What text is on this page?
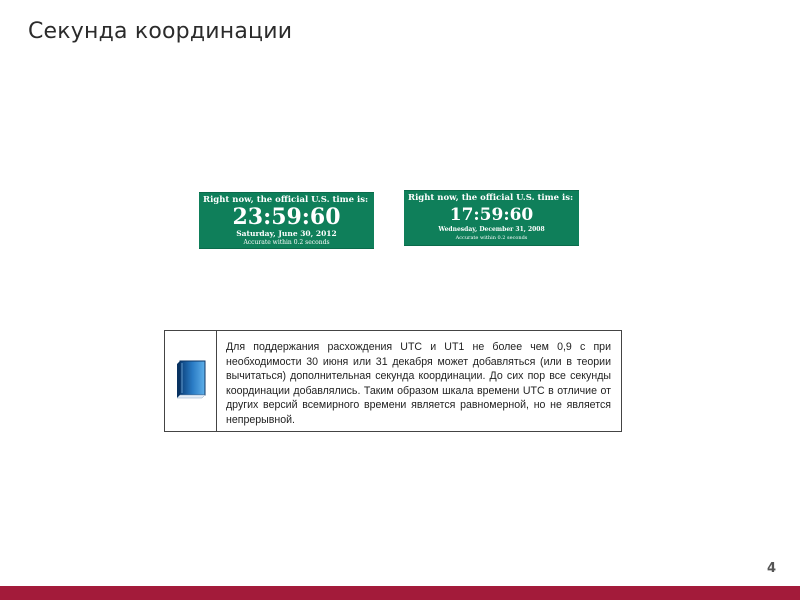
Секунда координации
Right now, the official U.S. time is:
23:59:60
Saturday, June 30, 2012
Accurate within 0.2 seconds
Right now, the official U.S. time is:
17:59:60
Wednesday, December 31, 2008
Accurate within 0.2 seconds
Для поддержания расхождения UTC и UT1 не более чем 0,9 с при необходимости 30 июня или 31 декабря может добавляться (или в теории вычитаться) дополнительная секунда координации. До сих пор все секунды координации добавлялись. Таким образом шкала времени UTC в отличие от других версий всемирного времени является равномерной, но не является непрерывной.
4
